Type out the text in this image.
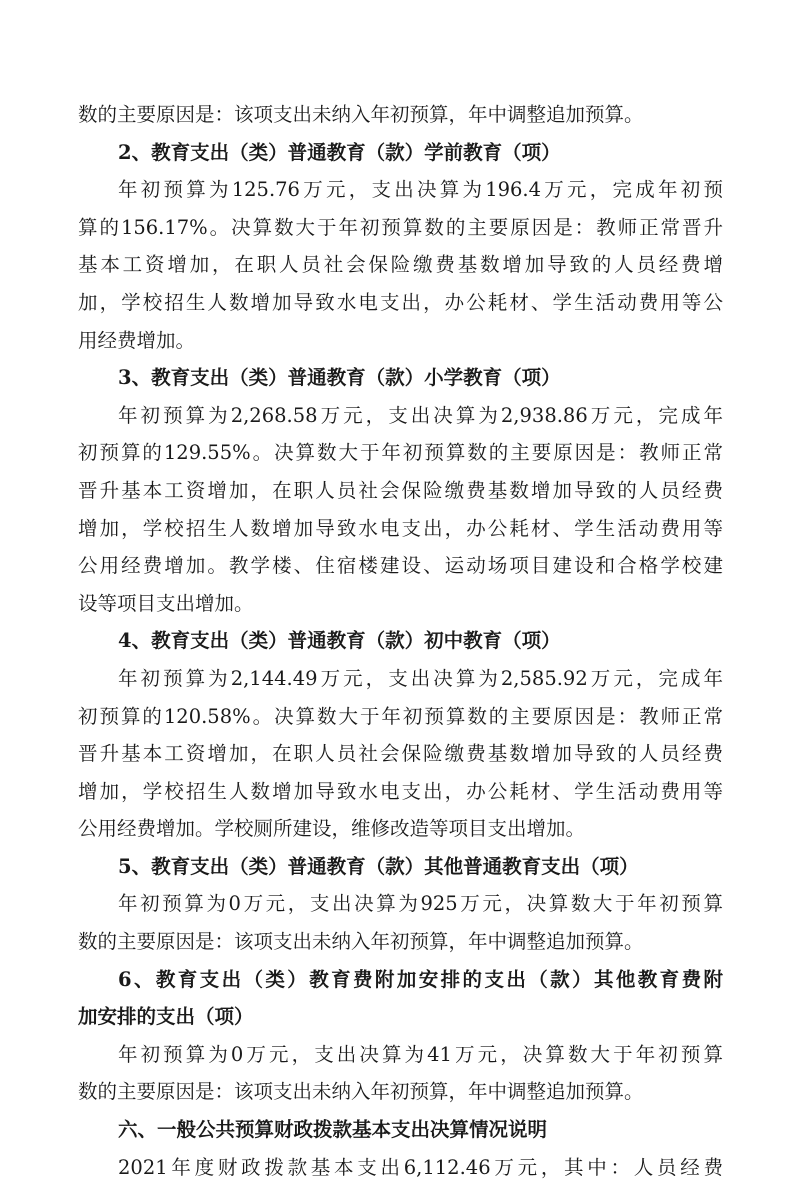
数的主要原因是：该项支出未纳入年初预算，年中调整追加预算。
2、教育支出（类）普通教育（款）学前教育（项）
年初预算为125.76万元，支出决算为196.4万元，完成年初预
算的156.17%。决算数大于年初预算数的主要原因是：教师正常晋升
基本工资增加，在职人员社会保险缴费基数增加导致的人员经费增
加，学校招生人数增加导致水电支出，办公耗材、学生活动费用等公
用经费增加。
3、教育支出（类）普通教育（款）小学教育（项）
年初预算为2,268.58万元，支出决算为2,938.86万元，完成年
初预算的129.55%。决算数大于年初预算数的主要原因是：教师正常
晋升基本工资增加，在职人员社会保险缴费基数增加导致的人员经费
增加，学校招生人数增加导致水电支出，办公耗材、学生活动费用等
公用经费增加。教学楼、住宿楼建设、运动场项目建设和合格学校建
设等项目支出增加。
4、教育支出（类）普通教育（款）初中教育（项）
年初预算为2,144.49万元，支出决算为2,585.92万元，完成年
初预算的120.58%。决算数大于年初预算数的主要原因是：教师正常
晋升基本工资增加，在职人员社会保险缴费基数增加导致的人员经费
增加，学校招生人数增加导致水电支出，办公耗材、学生活动费用等
公用经费增加。学校厕所建设，维修改造等项目支出增加。
5、教育支出（类）普通教育（款）其他普通教育支出（项）
年初预算为0万元，支出决算为925万元，决算数大于年初预算
数的主要原因是：该项支出未纳入年初预算，年中调整追加预算。
6、教育支出（类）教育费附加安排的支出（款）其他教育费附
加安排的支出（项）
年初预算为0万元，支出决算为41万元，决算数大于年初预算
数的主要原因是：该项支出未纳入年初预算，年中调整追加预算。
六、一般公共预算财政拨款基本支出决算情况说明
2021年度财政拨款基本支出6,112.46万元，其中：人员经费
